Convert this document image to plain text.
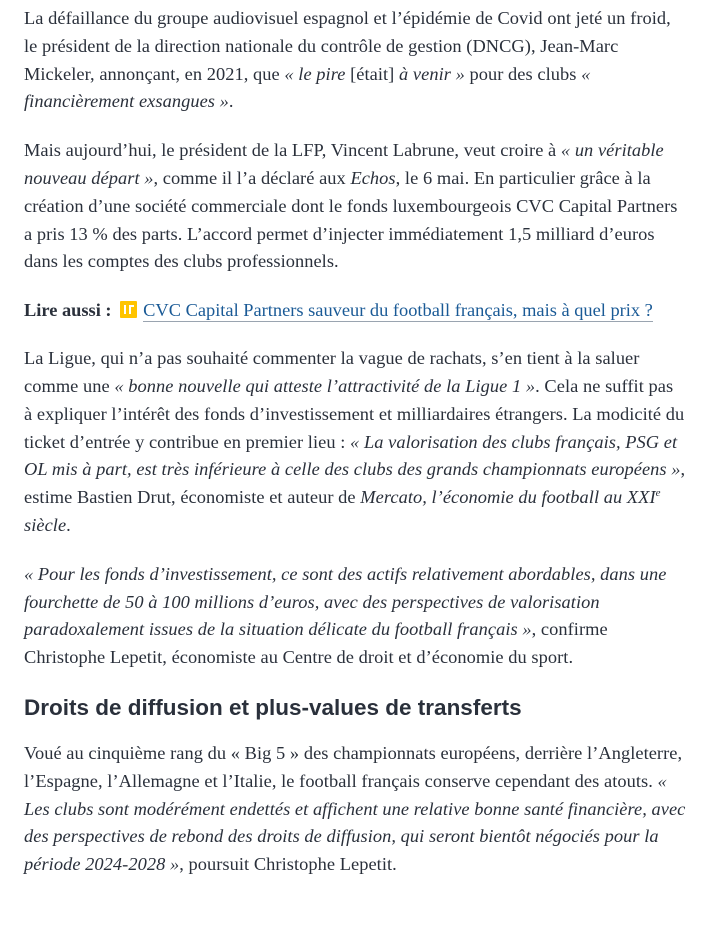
La défaillance du groupe audiovisuel espagnol et l’épidémie de Covid ont jeté un froid, le président de la direction nationale du contrôle de gestion (DNCG), Jean-Marc Mickeler, annonçant, en 2021, que « le pire [était] à venir » pour des clubs « financièrement exsangues ».

Mais aujourd’hui, le président de la LFP, Vincent Labrune, veut croire à « un véritable nouveau départ », comme il l’a déclaré aux Echos, le 6 mai. En particulier grâce à la création d’une société commerciale dont le fonds luxembourgeois CVC Capital Partners a pris 13 % des parts. L’accord permet d’injecter immédiatement 1,5 milliard d’euros dans les comptes des clubs professionnels.

Lire aussi : CVC Capital Partners sauveur du football français, mais à quel prix ?

La Ligue, qui n’a pas souhaité commenter la vague de rachats, s’en tient à la saluer comme une « bonne nouvelle qui atteste l’attractivité de la Ligue 1 ». Cela ne suffit pas à expliquer l’intérêt des fonds d’investissement et milliardaires étrangers. La modicité du ticket d’entrée y contribue en premier lieu : « La valorisation des clubs français, PSG et OL mis à part, est très inférieure à celle des clubs des grands championnats européens », estime Bastien Drut, économiste et auteur de Mercato, l’économie du football au XXIe siècle.

« Pour les fonds d’investissement, ce sont des actifs relativement abordables, dans une fourchette de 50 à 100 millions d’euros, avec des perspectives de valorisation paradoxalement issues de la situation délicate du football français », confirme Christophe Lepetit, économiste au Centre de droit et d’économie du sport.

Droits de diffusion et plus-values de transferts

Voué au cinquième rang du « Big 5 » des championnats européens, derrière l’Angleterre, l’Espagne, l’Allemagne et l’Italie, le football français conserve cependant des atouts. « Les clubs sont modérément endettés et affichent une relative bonne santé financière, avec des perspectives de rebond des droits de diffusion, qui seront bientôt négociés pour la période 2024-2028 », poursuit Christophe Lepetit.
